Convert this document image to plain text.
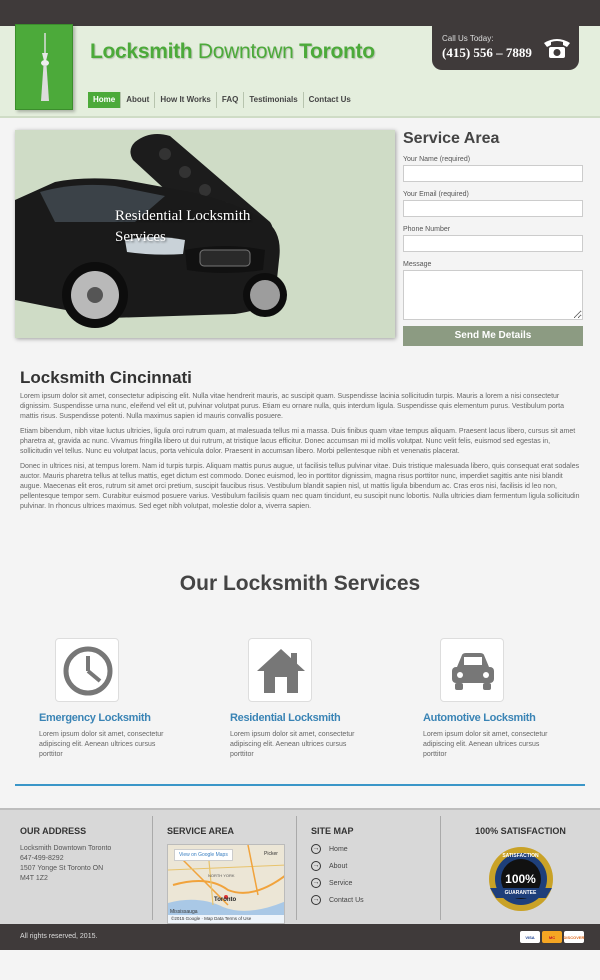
Locksmith Downtown Toronto
Call Us Today:
(415) 556 – 7889
Home	About	How It Works	FAQ	Testimonials	Contact Us
Residential Locksmith Services
Service Area
Your Name (required)
Your Email (required)
Phone Number
Message
Send Me Details
Locksmith Cincinnati

Lorem ipsum dolor sit amet, consectetur adipiscing elit. Nulla vitae hendrerit mauris, ac suscipit quam. Suspendisse lacinia sollicitudin turpis. Mauris a lorem a nisi consectetur dignissim. Suspendisse urna nunc, eleifend vel elit ut, pulvinar volutpat purus. Etiam eu ornare nulla, quis interdum ligula. Suspendisse quis elementum purus. Vestibulum porta mattis risus. Suspendisse potenti. Nulla maximus sapien id mauris convallis posuere.

Etiam bibendum, nibh vitae luctus ultricies, ligula orci rutrum quam, at malesuada tellus mi a massa. Duis finibus quam vitae tempus aliquam. Praesent lacus libero, cursus sit amet pharetra at, gravida ac nunc. Vivamus fringilla libero ut dui rutrum, at tristique lacus efficitur. Donec accumsan mi id mollis volutpat. Nunc velit felis, euismod sed egestas in, sollicitudin vel tellus. Nunc eu volutpat lacus, porta vehicula dolor. Praesent in accumsan libero. Morbi pellentesque nibh et venenatis placerat.

Donec in ultrices nisi, at tempus lorem. Nam id turpis turpis. Aliquam mattis purus augue, ut facilisis tellus pulvinar vitae. Duis tristique malesuada libero, quis consequat erat sodales auctor. Mauris pharetra tellus at tellus mattis, eget dictum est commodo. Donec euismod, leo in porttitor dignissim, magna risus porttitor nunc, imperdiet sagittis ante nisi blandit augue. Maecenas elit eros, rutrum sit amet orci pretium, suscipit faucibus risus. Vestibulum blandit sapien nisl, ut mattis ligula bibendum ac. Cras eros nisi, facilisis id leo non, pellentesque tempor sem. Curabitur euismod posuere varius. Vestibulum facilisis quam nec quam tincidunt, eu suscipit nunc lobortis. Nulla ultricies diam fermentum ligula sollicitudin pulvinar. In rhoncus ultrices maximus. Sed eget nibh volutpat, molestie dolor a, viverra sapien.

Our Locksmith Services
Emergency Locksmith

Lorem ipsum dolor sit amet, consectetur adipiscing elit. Aenean ultrices cursus porttitor

Residential Locksmith

Lorem ipsum dolor sit amet, consectetur adipiscing elit. Aenean ultrices cursus porttitor

Automotive Locksmith

Lorem ipsum dolor sit amet, consectetur adipiscing elit. Aenean ultrices cursus porttitor

OUR ADDRESS
Locksmith Downtown Toronto
647-499-8292
1507 Yonge St Toronto ON
M4T 1Z2
SERVICE AREA
View on Google Maps
Toronto
Picker
NORTH YORK
Mississauga
©2015 Google · Map Data Terms of Use
SITE MAP
→ Home
→ About
→ Service
→ Contact Us
100% SATISFACTION
SATISFACTION
100%
GUARANTEE
All rights reserved, 2015.	VISA	MC	DISCOVER
